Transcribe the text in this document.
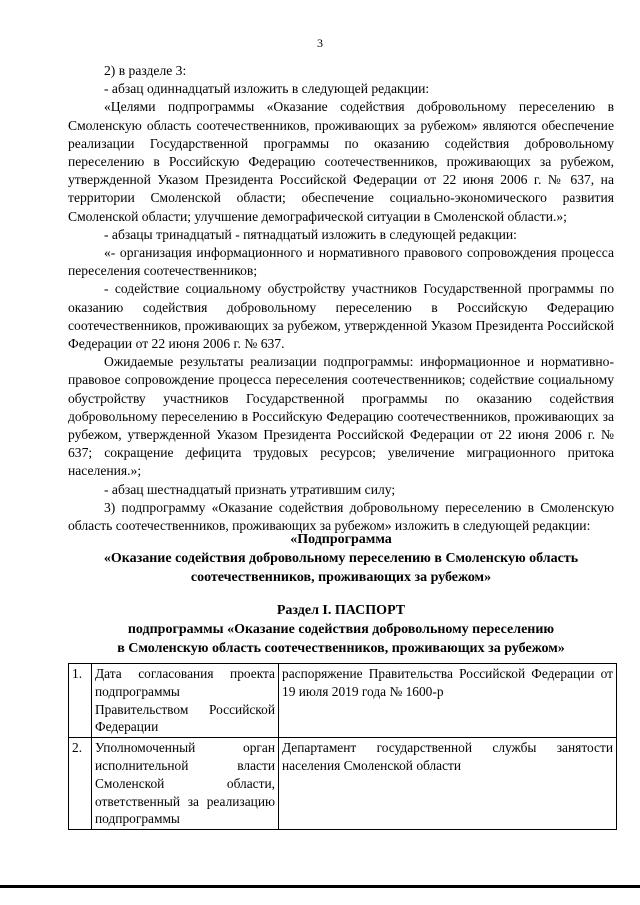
3

2) в разделе 3:

- абзац одиннадцатый изложить в следующей редакции:

«Целями подпрограммы «Оказание содействия добровольному переселению в Смоленскую область соотечественников, проживающих за рубежом» являются обеспечение реализации Государственной программы по оказанию содействия добровольному переселению в Российскую Федерацию соотечественников, проживающих за рубежом, утвержденной Указом Президента Российской Федерации от 22 июня 2006 г. № 637, на территории Смоленской области; обеспечение социально-экономического развития Смоленской области; улучшение демографической ситуации в Смоленской области.»;

- абзацы тринадцатый - пятнадцатый изложить в следующей редакции:

«- организация информационного и нормативного правового сопровождения процесса переселения соотечественников;

- содействие социальному обустройству участников Государственной программы по оказанию содействия добровольному переселению в Российскую Федерацию соотечественников, проживающих за рубежом, утвержденной Указом Президента Российской Федерации от 22 июня 2006 г. № 637.

Ожидаемые результаты реализации подпрограммы: информационное и нормативно-правовое сопровождение процесса переселения соотечественников; содействие социальному обустройству участников Государственной программы по оказанию содействия добровольному переселению в Российскую Федерацию соотечественников, проживающих за рубежом, утвержденной Указом Президента Российской Федерации от 22 июня 2006 г. № 637; сокращение дефицита трудовых ресурсов; увеличение миграционного притока населения.»;

- абзац шестнадцатый признать утратившим силу;

3) подпрограмму «Оказание содействия добровольному переселению в Смоленскую область соотечественников, проживающих за рубежом» изложить в следующей редакции:

«Подпрограмма

«Оказание содействия добровольному переселению в Смоленскую область

соотечественников, проживающих за рубежом»

Раздел I. ПАСПОРТ

подпрограммы «Оказание содействия добровольному переселению

в Смоленскую область соотечественников, проживающих за рубежом»

1.	Дата согласования проекта подпрограммы Правительством Российской Федерации	распоряжение Правительства Российской Федерации от 19 июля 2019 года № 1600-р
2.	Уполномоченный орган исполнительной власти Смоленской области, ответственный за реализацию подпрограммы	Департамент государственной службы занятости населения Смоленской области
